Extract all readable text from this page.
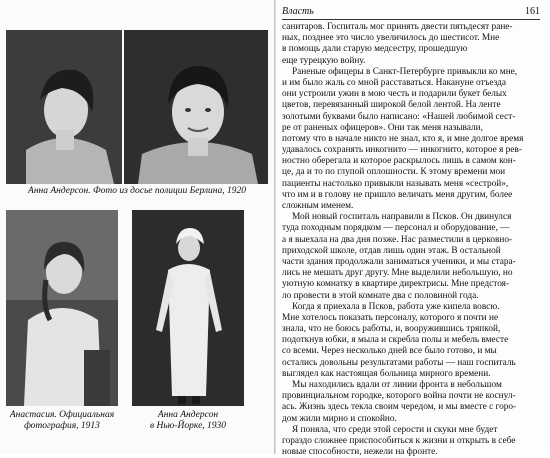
Анна Андерсон. Фото из досье полиции Берлина, 1920
Анастасия. Официальная
фотография, 1913
Анна Андерсон
в Нью-Йорке, 1930
Власть	161
санитаров. Госпиталь мог принять двести пятьдесят ране-
ных, позднее это число увеличилось до шестисот. Мне
в помощь дали старую медсестру, прошедшую
еще турецкую войну.
Раненые офицеры в Санкт-Петербурге привыкли ко мне,
и им было жаль со мной расставаться. Накануне отъезда
они устроили ужин в мою честь и подарили букет белых
цветов, перевязанный широкой белой лентой. На ленте
золотыми буквами было написано: «Нашей любимой сест-
ре от раненых офицеров». Они так меня называли,
потому что в начале никто не знал, кто я, и мне долгое время
удавалось сохранять инкогнито — инкогнито, которое я рев-
ностно оберегала и которое раскрылось лишь в самом кон-
це, да и то по глупой оплошности. К этому времени мои
пациенты настолько привыкли называть меня «сестрой»,
что им и в голову не пришло величать меня другим, более
сложным именем.
Мой новый госпиталь направили в Псков. Он двинулся
туда походным порядком — персонал и оборудование, —
а я выехала на два дня позже. Нас разместили в церковно-
приходской школе, отдав лишь один этаж. В остальной
части здания продолжали заниматься ученики, и мы стара-
лись не мешать друг другу. Мне выделили небольшую, но
уютную комнатку в квартире директрисы. Мне предстоя-
ло провести в этой комнате два с половиной года.
Когда я приехала в Псков, работа уже кипела вовсю.
Мне хотелось показать персоналу, которого я почти не
знала, что не боюсь работы, и, вооружившись тряпкой,
подоткнув юбки, я мыла и скребла полы и мебель вместе
со всеми. Через несколько дней все было готово, и мы
остались довольны результатами работы — наш госпиталь
выглядел как настоящая больница мирного времени.
Мы находились вдали от линии фронта в небольшом
провинциальном городке, которого война почти не коснул-
ась. Жизнь здесь текла своим чередом, и мы вместе с горо-
дом жили мирно и спокойно.
Я поняла, что среди этой серости и скуки мне будет
гораздо сложнее приспособиться к жизни и открыть в себе
новые способности, нежели на фронте.
